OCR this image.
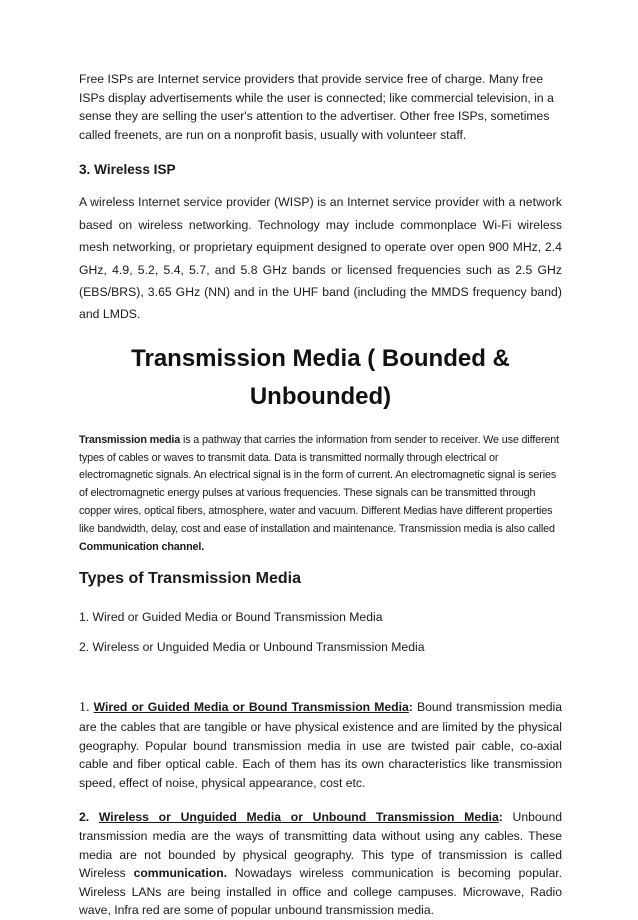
Free ISPs are Internet service providers that provide service free of charge. Many free ISPs display advertisements while the user is connected; like commercial television, in a sense they are selling the user's attention to the advertiser. Other free ISPs, sometimes called freenets, are run on a nonprofit basis, usually with volunteer staff.

3. Wireless ISP

A wireless Internet service provider (WISP) is an Internet service provider with a network based on wireless networking. Technology may include commonplace Wi-Fi wireless mesh networking, or proprietary equipment designed to operate over open 900 MHz, 2.4 GHz, 4.9, 5.2, 5.4, 5.7, and 5.8 GHz bands or licensed frequencies such as 2.5 GHz (EBS/BRS), 3.65 GHz (NN) and in the UHF band (including the MMDS frequency band) and LMDS.

Transmission Media ( Bounded &
Unbounded)

Transmission media is a pathway that carries the information from sender to receiver. We use different types of cables or waves to transmit data. Data is transmitted normally through electrical or electromagnetic signals. An electrical signal is in the form of current. An electromagnetic signal is series of electromagnetic energy pulses at various frequencies. These signals can be transmitted through copper wires, optical fibers, atmosphere, water and vacuum. Different Medias have different properties like bandwidth, delay, cost and ease of installation and maintenance. Transmission media is also called Communication channel.

Types of Transmission Media

1. Wired or Guided Media or Bound Transmission Media

2. Wireless or Unguided Media or Unbound Transmission Media

1. Wired or Guided Media or Bound Transmission Media: Bound transmission media are the cables that are tangible or have physical existence and are limited by the physical geography. Popular bound transmission media in use are twisted pair cable, co-axial cable and fiber optical cable. Each of them has its own characteristics like transmission speed, effect of noise, physical appearance, cost etc.

2. Wireless or Unguided Media or Unbound Transmission Media: Unbound transmission media are the ways of transmitting data without using any cables. These media are not bounded by physical geography. This type of transmission is called Wireless communication. Nowadays wireless communication is becoming popular. Wireless LANs are being installed in office and college campuses. Microwave, Radio wave, Infra red are some of popular unbound transmission media.
